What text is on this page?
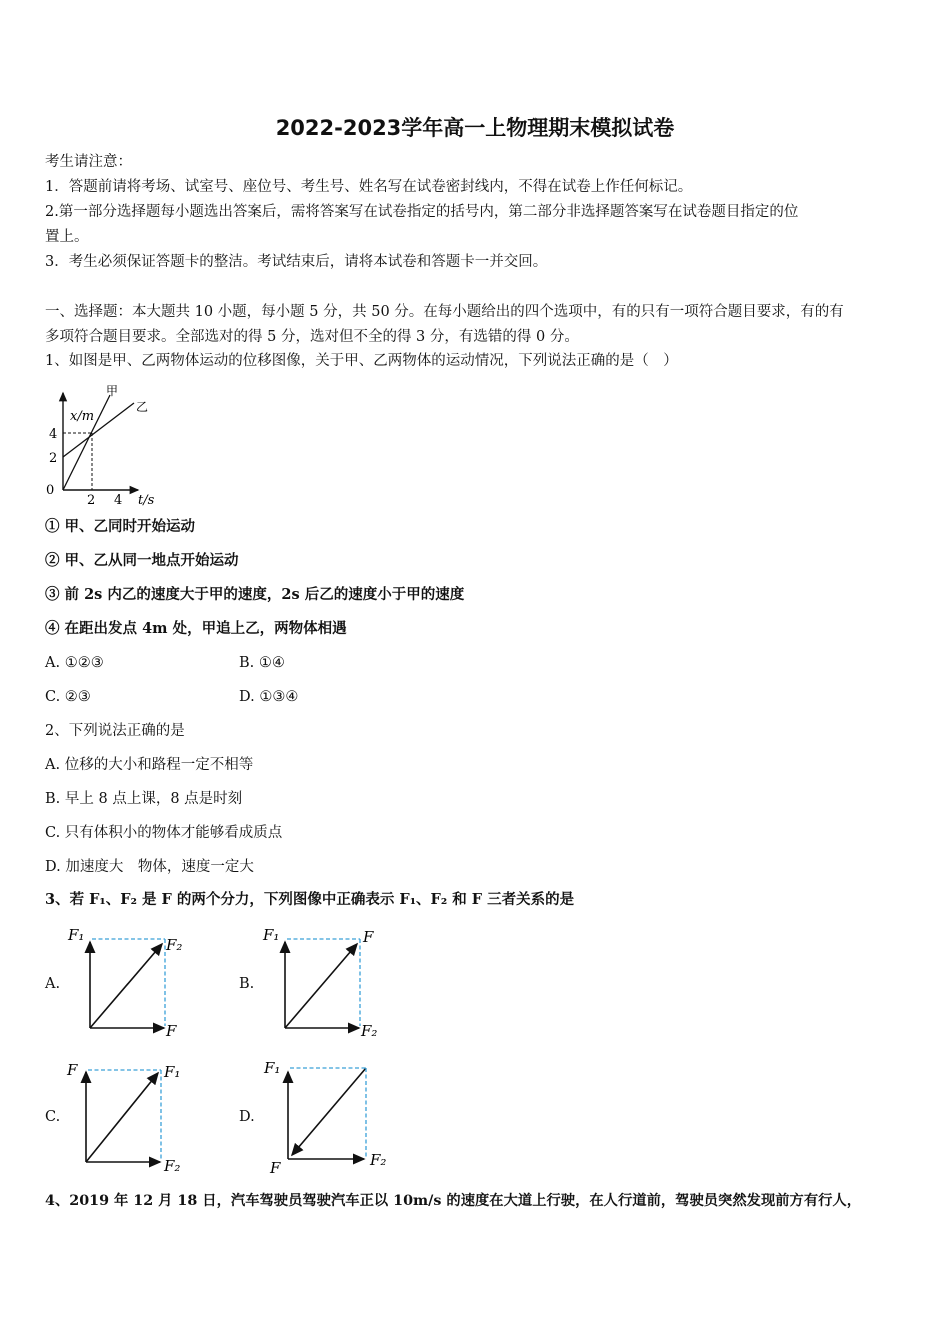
2022-2023学年高一上物理期末模拟试卷
考生请注意：
1．答题前请将考场、试室号、座位号、考生号、姓名写在试卷密封线内，不得在试卷上作任何标记。
2.第一部分选择题每小题选出答案后，需将答案写在试卷指定的括号内，第二部分非选择题答案写在试卷题目指定的位
置上。
3．考生必须保证答题卡的整洁。考试结束后，请将本试卷和答题卡一并交回。
一、选择题：本大题共 10 小题，每小题 5 分，共 50 分。在每小题给出的四个选项中，有的只有一项符合题目要求，有的有
多项符合题目要求。全部选对的得 5 分，选对但不全的得 3 分，有选错的得 0 分。
1、如图是甲、乙两物体运动的位移图像，关于甲、乙两物体的运动情况，下列说法正确的是（　）
甲
乙
x/m
4
2
0
2 4 t/s
① 甲、乙同时开始运动
② 甲、乙从同一地点开始运动
③ 前 2s 内乙的速度大于甲的速度，2s 后乙的速度小于甲的速度
④ 在距出发点 4m 处，甲追上乙，两物体相遇
A. ①②③	B. ①④
C. ②③	D. ①③④
2、下列说法正确的是
A. 位移的大小和路程一定不相等
B. 早上 8 点上课，8 点是时刻
C. 只有体积小的物体才能够看成质点
D. 加速度大　物体，速度一定大
3、若 F₁、F₂ 是 F 的两个分力，下列图像中正确表示 F₁、F₂ 和 F 三者关系的是
A.
F₁
F₂
F
B.
F₁	F
F₂
C.
F	F₁
F₂
D.
F₁
F₂
F
4、2019 年 12 月 18 日，汽车驾驶员驾驶汽车正以 10m/s 的速度在大道上行驶，在人行道前，驾驶员突然发现前方有行人，
